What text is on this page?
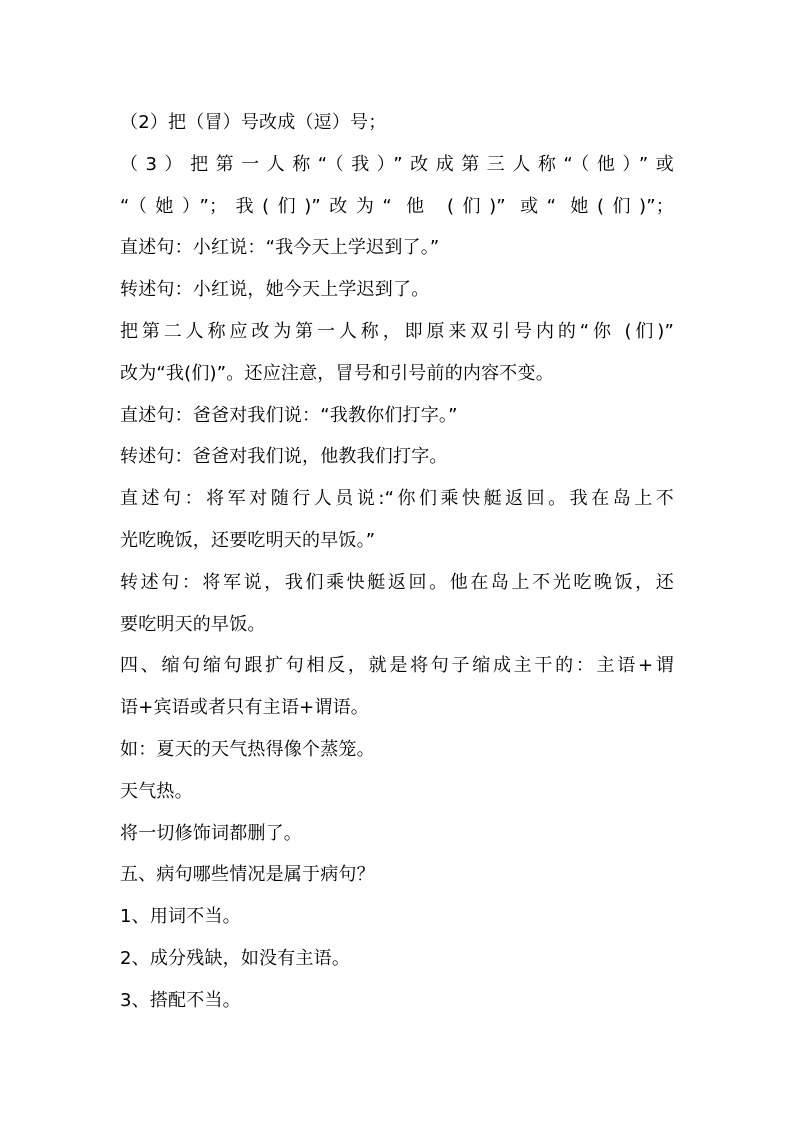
（2）把（冒）号改成（逗）号；
（3）把第一人称“（我）”改成第三人称“（他）”或
“（她）”；我(们)”改为“ 他 (们)” 或“ 她(们)”；
直述句：小红说：“我今天上学迟到了。”
转述句：小红说，她今天上学迟到了。
把第二人称应改为第一人称，即原来双引号内的“你 (们)”
改为“我(们)”。还应注意，冒号和引号前的内容不变。
直述句：爸爸对我们说：“我教你们打字。”
转述句：爸爸对我们说，他教我们打字。
直述句：将军对随行人员说:“你们乘快艇返回。我在岛上不
光吃晚饭，还要吃明天的早饭。”
转述句：将军说，我们乘快艇返回。他在岛上不光吃晚饭，还
要吃明天的早饭。
四、缩句缩句跟扩句相反，就是将句子缩成主干的：主语+谓
语+宾语或者只有主语+谓语。
如：夏天的天气热得像个蒸笼。
天气热。
将一切修饰词都删了。
五、病句哪些情况是属于病句？
1、用词不当。
2、成分残缺，如没有主语。
3、搭配不当。
